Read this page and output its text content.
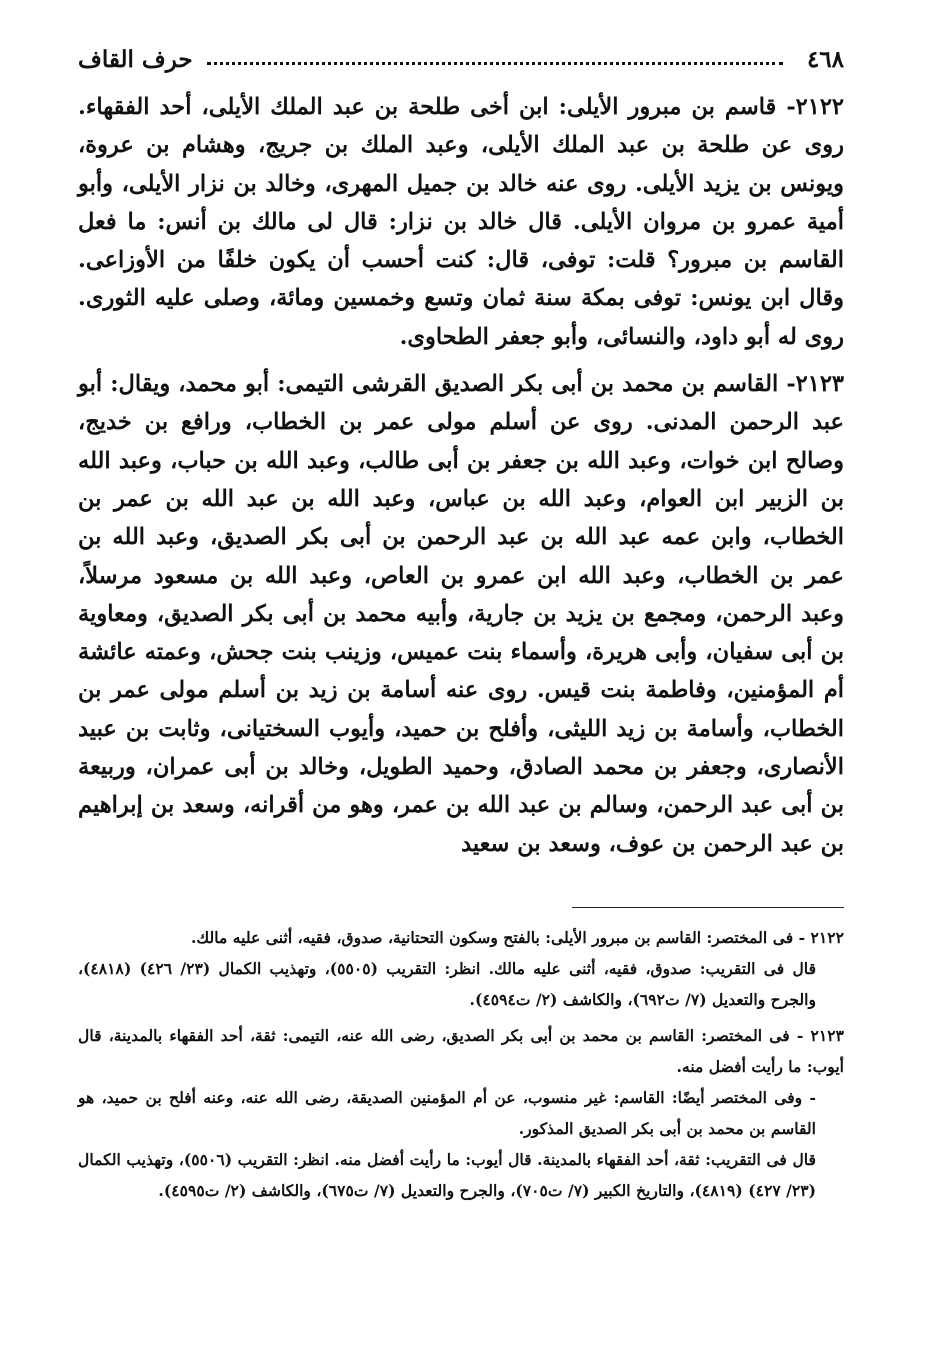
٤٦٨
حرف القاف

٢١٢٢- قاسم بن مبرور الأيلى: ابن أخى طلحة بن عبد الملك الأيلى، أحد الفقهاء. روى عن طلحة بن عبد الملك الأيلى، وعبد الملك بن جريج، وهشام بن عروة، ويونس بن يزيد الأيلى. روى عنه خالد بن جميل المهرى، وخالد بن نزار الأيلى، وأبو أمية عمرو بن مروان الأيلى. قال خالد بن نزار: قال لى مالك بن أنس: ما فعل القاسم بن مبرور؟ قلت: توفى، قال: كنت أحسب أن يكون خلفًا من الأوزاعى. وقال ابن يونس: توفى بمكة سنة ثمان وتسع وخمسين ومائة، وصلى عليه الثورى. روى له أبو داود، والنسائى، وأبو جعفر الطحاوى.

٢١٢٣- القاسم بن محمد بن أبى بكر الصديق القرشى التيمى: أبو محمد، ويقال: أبو عبد الرحمن المدنى. روى عن أسلم مولى عمر بن الخطاب، ورافع بن خديج، وصالح ابن خوات، وعبد الله بن جعفر بن أبى طالب، وعبد الله بن حباب، وعبد الله بن الزبير ابن العوام، وعبد الله بن عباس، وعبد الله بن عبد الله بن عمر بن الخطاب، وابن عمه عبد الله بن عبد الرحمن بن أبى بكر الصديق، وعبد الله بن عمر بن الخطاب، وعبد الله ابن عمرو بن العاص، وعبد الله بن مسعود مرسلاً، وعبد الرحمن، ومجمع بن يزيد بن جارية، وأبيه محمد بن أبى بكر الصديق، ومعاوية بن أبى سفيان، وأبى هريرة، وأسماء بنت عميس، وزينب بنت جحش، وعمته عائشة أم المؤمنين، وفاطمة بنت قيس. روى عنه أسامة بن زيد بن أسلم مولى عمر بن الخطاب، وأسامة بن زيد الليثى، وأفلح بن حميد، وأيوب السختيانى، وثابت بن عبيد الأنصارى، وجعفر بن محمد الصادق، وحميد الطويل، وخالد بن أبى عمران، وربيعة بن أبى عبد الرحمن، وسالم بن عبد الله بن عمر، وهو من أقرانه، وسعد بن إبراهيم بن عبد الرحمن بن عوف، وسعد بن سعيد

٢١٢٢ - فى المختصر: القاسم بن مبرور الأيلى: بالفتح وسكون التحتانية، صدوق، فقيه، أثنى عليه مالك.

قال فى التقريب: صدوق، فقيه، أثنى عليه مالك. انظر: التقريب (٥٥٠٥)، وتهذيب الكمال (٢٣/ ٤٢٦) (٤٨١٨)، والجرح والتعديل (٧/ ت٦٩٢)، والكاشف (٢/ ت٤٥٩٤).

٢١٢٣ - فى المختصر: القاسم بن محمد بن أبى بكر الصديق، رضى الله عنه، التيمى: ثقة، أحد الفقهاء بالمدينة، قال أيوب: ما رأيت أفضل منه.

- وفى المختصر أيضًا: القاسم: غير منسوب، عن أم المؤمنين الصديقة، رضى الله عنه، وعنه أفلح بن حميد، هو القاسم بن محمد بن أبى بكر الصديق المذكور.

قال فى التقريب: ثقة، أحد الفقهاء بالمدينة. قال أيوب: ما رأيت أفضل منه. انظر: التقريب (٥٥٠٦)، وتهذيب الكمال (٢٣/ ٤٢٧) (٤٨١٩)، والتاريخ الكبير (٧/ ت٧٠٥)، والجرح والتعديل (٧/ ت٦٧٥)، والكاشف (٢/ ت٤٥٩٥).
